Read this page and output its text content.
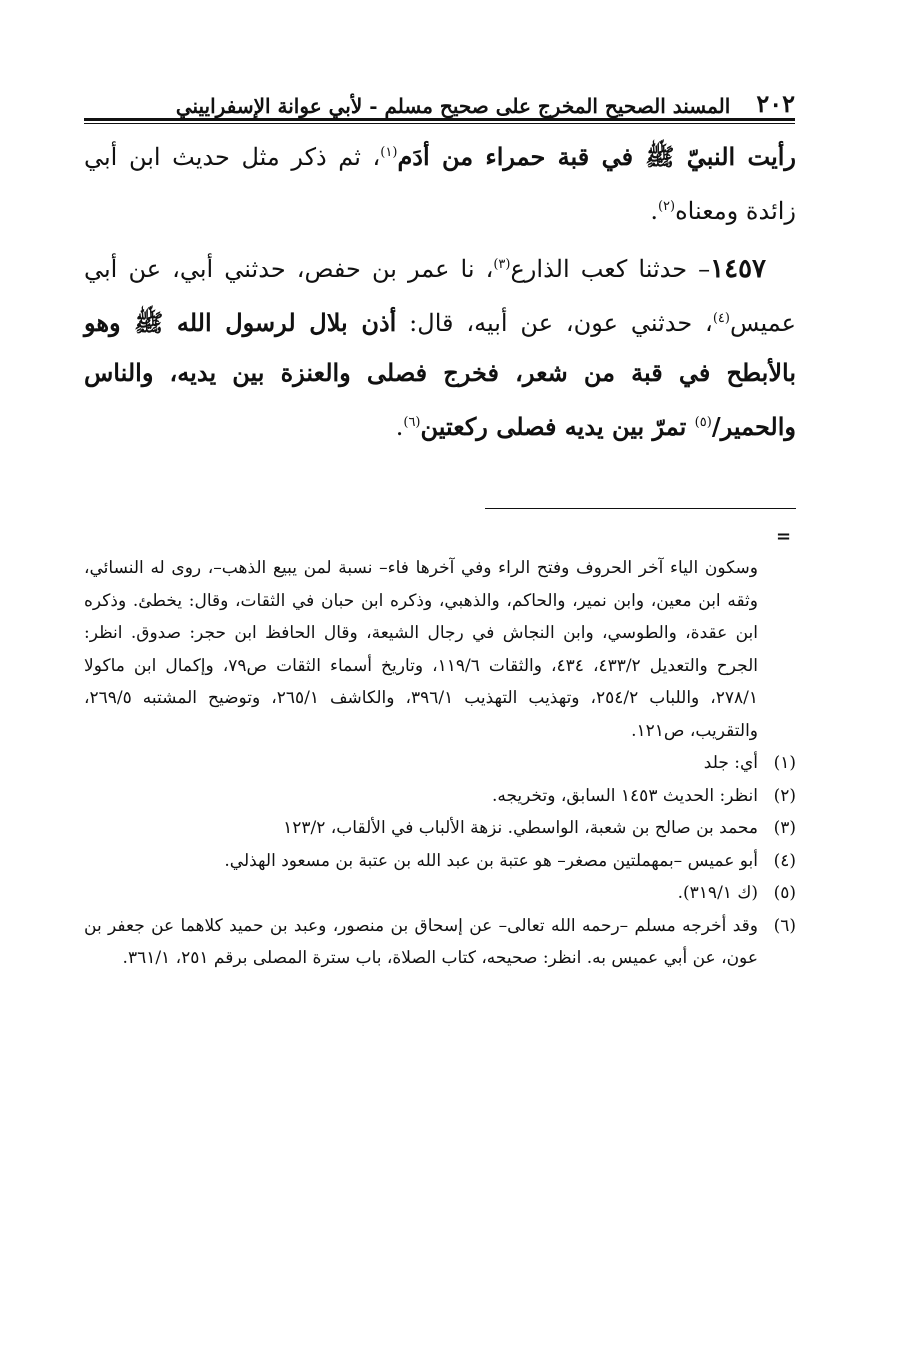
٢٠٢
المسند الصحيح المخرج على صحيح مسلم - لأبي عوانة الإسفراييني

رأيت النبيّ ﷺ في قبة حمراء من أدَم$^{(١)}$، ثم ذكر مثل حديث ابن أبي زائدة ومعناه$^{(٢)}$.

١٤٥٧– حدثنا كعب الذارع$^{(٣)}$، نا عمر بن حفص، حدثني أبي، عن أبي عميس$^{(٤)}$، حدثني عون، عن أبيه، قال: أذن بلال لرسول الله ﷺ وهو بالأبطح في قبة من شعر، فخرج فصلى والعنزة بين يديه، والناس والحمير/$^{(٥)}$ تمرّ بين يديه فصلى ركعتين$^{(٦)}$.

=

وسكون الياء آخر الحروف وفتح الراء وفي آخرها فاء– نسبة لمن يبيع الذهب–، روى له النسائي، وثقه ابن معين، وابن نمير، والحاكم، والذهبي، وذكره ابن حبان في الثقات، وقال: يخطئ. وذكره ابن عقدة، والطوسي، وابن النجاش في رجال الشيعة، وقال الحافظ ابن حجر: صدوق. انظر: الجرح والتعديل ٤٣٣/٢، ٤٣٤، والثقات ١١٩/٦، وتاريخ أسماء الثقات ص٧٩، وإكمال ابن ماكولا ٢٧٨/١، واللباب ٢٥٤/٢، وتهذيب التهذيب ٣٩٦/١، والكاشف ٢٦٥/١، وتوضيح المشتبه ٢٦٩/٥، والتقريب، ص١٢١.

(١)أي: جلد

(٢)انظر: الحديث ١٤٥٣ السابق، وتخريجه.

(٣)محمد بن صالح بن شعبة، الواسطي. نزهة الألباب في الألقاب، ١٢٣/٢

(٤)أبو عميس –بمهملتين مصغر– هو عتبة بن عبد الله بن عتبة بن مسعود الهذلي.

(٥)(ك ٣١٩/١).

(٦)وقد أخرجه مسلم –رحمه الله تعالى– عن إسحاق بن منصور، وعبد بن حميد كلاهما عن جعفر بن عون، عن أبي عميس به. انظر: صحيحه، كتاب الصلاة، باب سترة المصلى برقم ٢٥١، ٣٦١/١.
